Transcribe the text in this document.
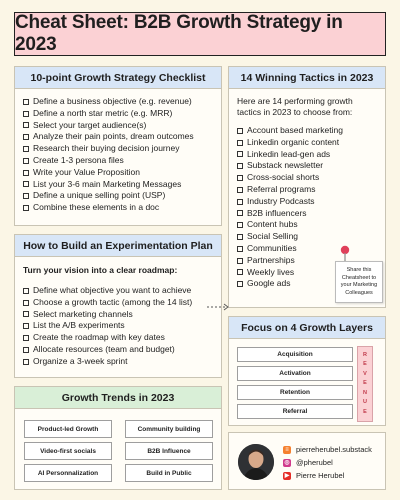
Cheat Sheet: B2B Growth Strategy in 2023
10-point Growth Strategy Checklist
Define a business objective (e.g. revenue)
Define a north star metric (e.g. MRR)
Select your target audience(s)
Analyze their pain points, dream outcomes
Research their buying decision journey
Create 1-3 persona files
Write your Value Proposition
List your 3-6 main Marketing Messages
Define a unique selling point (USP)
Combine these elements in a doc
14 Winning Tactics in 2023
Here are 14 performing growth tactics in 2023 to choose from:
Account based marketing
Linkedin organic content
Linkedin lead-gen ads
Substack newsletter
Cross-social shorts
Referral programs
Industry Podcasts
B2B influencers
Content hubs
Social Selling
Communities
Partnerships
Weekly lives
Google ads
Share this
Cheatsheet to
your Marketing
Colleagues
How to Build an Experimentation Plan
Turn your vision into a clear roadmap:
Define what objective you want to achieve
Choose a growth tactic (among the 14 list)
Select marketing channels
List the A/B experiments
Create the roadmap with key dates
Allocate resources (team and budget)
Organize a 3-week sprint
Focus on 4 Growth Layers
Acquisition
Activation
Retention
Referral
R
E
V
E
N
U
E
Growth Trends in 2023
Product-led Growth	Community building
Video-first socials	B2B Influence
AI Personnalization	Build in Public
≡ pierreherubel.substack
◎ @pherubel
▶ Pierre Herubel
